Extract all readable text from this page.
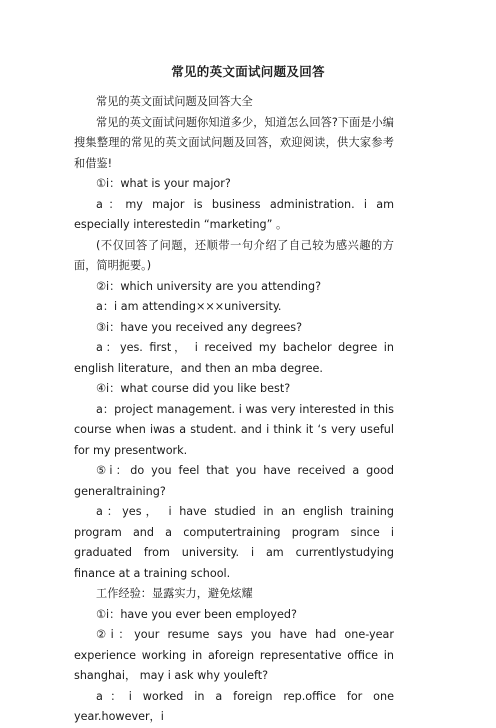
常见的英文面试问题及回答

常见的英文面试问题及回答大全

常见的英文面试问题你知道多少，知道怎么回答?下面是小编搜集整理的常见的英文面试问题及回答，欢迎阅读，供大家参考和借鉴!

①i：what is your major?

a：my major is business administration. i am especially interestedin “marketing” 。

(不仅回答了问题，还顺带一句介绍了自己较为感兴趣的方面，简明扼要。)

②i：which university are you attending?

a：i am attending×××university.

③i：have you received any degrees?

a：yes. first， i received my bachelor degree in english literature，and then an mba degree.

④i：what course did you like best?

a：project management. i was very interested in this course when iwas a student. and i think it ‘s very useful for my presentwork.

⑤i：do you feel that you have received a good generaltraining?

a：yes， i have studied in an english training program and a computertraining program since i graduated from university. i am currentlystudying finance at a training school.

工作经验：显露实力，避免炫耀

①i：have you ever been employed?

②i：your resume says you have had one-year experience working in aforeign representative office in shanghai， may i ask why youleft?

a：i worked in a foreign rep.office for one year.however，i
